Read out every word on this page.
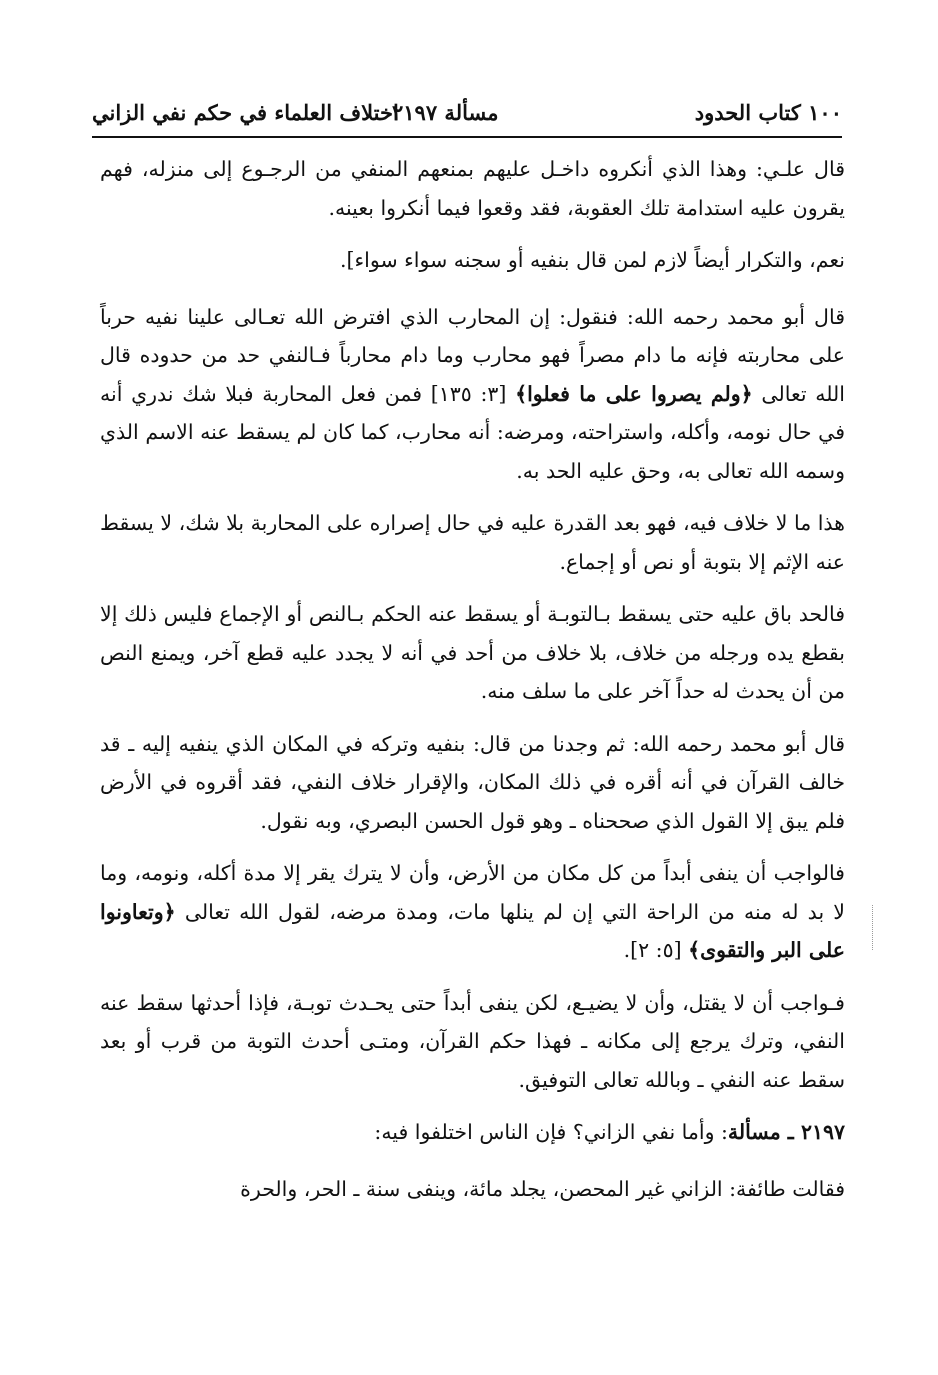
١٠٠ كتاب الحدود
مسألة ٢١٩٧
اختلاف العلماء في حكم نفي الزاني

قال علـي: وهذا الذي أنكروه داخـل عليهم بمنعهم المنفي من الرجـوع إلى منزله، فهم يقرون عليه استدامة تلك العقوبة، فقد وقعوا فيما أنكروا بعينه.

نعم، والتكرار أيضاً لازم لمن قال بنفيه أو سجنه سواء سواء].

قال أبو محمد رحمه الله: فنقول: إن المحارب الذي افترض الله تعـالى علينا نفيه حرباً على محاربته فإنه ما دام مصراً فهو محارب وما دام محارباً فـالنفي حد من حدوده قال الله تعالى ﴿ولم يصروا على ما فعلوا﴾ [٣: ١٣٥] فمن فعل المحاربة فبلا شك ندري أنه في حال نومه، وأكله، واستراحته، ومرضه: أنه محارب، كما كان لم يسقط عنه الاسم الذي وسمه الله تعالى به، وحق عليه الحد به.

هذا ما لا خلاف فيه، فهو بعد القدرة عليه في حال إصراره على المحاربة بلا شك، لا يسقط عنه الإثم إلا بتوبة أو نص أو إجماع.

فالحد باق عليه حتى يسقط بـالتوبـة أو يسقط عنه الحكم بـالنص أو الإجماع فليس ذلك إلا بقطع يده ورجله من خلاف، بلا خلاف من أحد في أنه لا يجدد عليه قطع آخر، ويمنع النص من أن يحدث له حداً آخر على ما سلف منه.

قال أبو محمد رحمه الله: ثم وجدنا من قال: بنفيه وتركه في المكان الذي ينفيه إليه ـ قد خالف القرآن في أنه أقره في ذلك المكان، والإقرار خلاف النفي، فقد أقروه في الأرض فلم يبق إلا القول الذي صححناه ـ وهو قول الحسن البصري، وبه نقول.

فالواجب أن ينفى أبداً من كل مكان من الأرض، وأن لا يترك يقر إلا مدة أكله، ونومه، وما لا بد له منه من الراحة التي إن لم ينلها مات، ومدة مرضه، لقول الله تعالى ﴿وتعاونوا على البر والتقوى﴾ [٥: ٢].

فـواجب أن لا يقتل، وأن لا يضيـع، لكن ينفى أبداً حتى يحـدث توبـة، فإذا أحدثها سقط عنه النفي، وترك يرجع إلى مكانه ـ فهذا حكم القرآن، ومتـى أحدث التوبة من قرب أو بعد سقط عنه النفي ـ وبالله تعالى التوفيق.

٢١٩٧ ـ مسألة: وأما نفي الزاني؟ فإن الناس اختلفوا فيه:

فقالت طائفة: الزاني غير المحصن، يجلد مائة، وينفى سنة ـ الحر، والحرة
